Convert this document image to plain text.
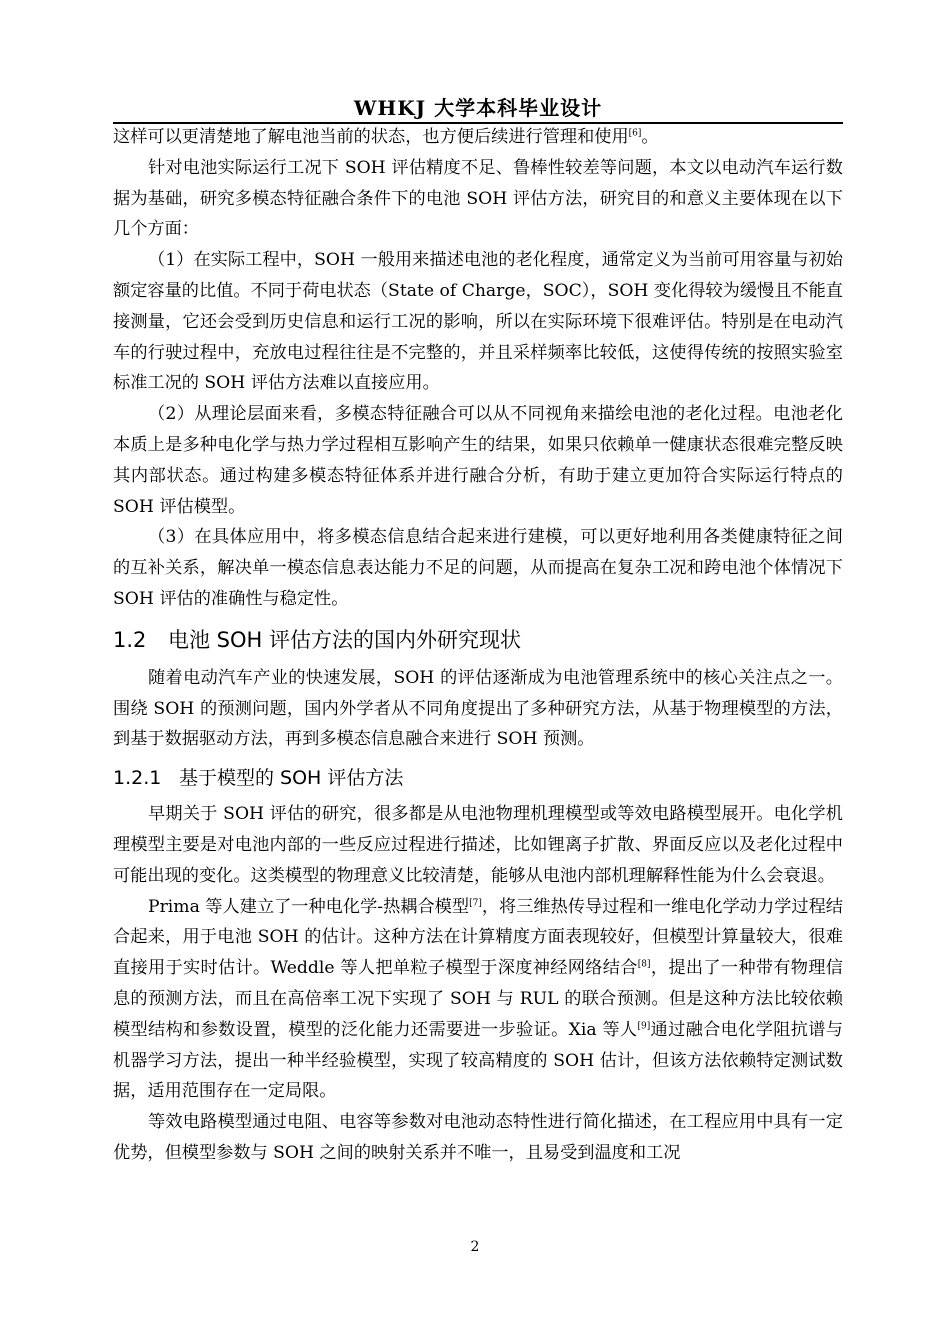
WHKJ 大学本科毕业设计

这样可以更清楚地了解电池当前的状态，也方便后续进行管理和使用[6]。

针对电池实际运行工况下 SOH 评估精度不足、鲁棒性较差等问题，本文以电动汽车运行数据为基础，研究多模态特征融合条件下的电池 SOH 评估方法，研究目的和意义主要体现在以下几个方面：

（1）在实际工程中，SOH 一般用来描述电池的老化程度，通常定义为当前可用容量与初始额定容量的比值。不同于荷电状态（State of Charge，SOC），SOH 变化得较为缓慢且不能直接测量，它还会受到历史信息和运行工况的影响，所以在实际环境下很难评估。特别是在电动汽车的行驶过程中，充放电过程往往是不完整的，并且采样频率比较低，这使得传统的按照实验室标准工况的 SOH 评估方法难以直接应用。

（2）从理论层面来看，多模态特征融合可以从不同视角来描绘电池的老化过程。电池老化本质上是多种电化学与热力学过程相互影响产生的结果，如果只依赖单一健康状态很难完整反映其内部状态。通过构建多模态特征体系并进行融合分析，有助于建立更加符合实际运行特点的 SOH 评估模型。

（3）在具体应用中，将多模态信息结合起来进行建模，可以更好地利用各类健康特征之间的互补关系，解决单一模态信息表达能力不足的问题，从而提高在复杂工况和跨电池个体情况下 SOH 评估的准确性与稳定性。

1.2 电池 SOH 评估方法的国内外研究现状

随着电动汽车产业的快速发展，SOH 的评估逐渐成为电池管理系统中的核心关注点之一。围绕 SOH 的预测问题，国内外学者从不同角度提出了多种研究方法，从基于物理模型的方法，到基于数据驱动方法，再到多模态信息融合来进行 SOH 预测。

1.2.1 基于模型的 SOH 评估方法

早期关于 SOH 评估的研究，很多都是从电池物理机理模型或等效电路模型展开。电化学机理模型主要是对电池内部的一些反应过程进行描述，比如锂离子扩散、界面反应以及老化过程中可能出现的变化。这类模型的物理意义比较清楚，能够从电池内部机理解释性能为什么会衰退。

Prima 等人建立了一种电化学-热耦合模型[7]，将三维热传导过程和一维电化学动力学过程结合起来，用于电池 SOH 的估计。这种方法在计算精度方面表现较好，但模型计算量较大，很难直接用于实时估计。Weddle 等人把单粒子模型于深度神经网络结合[8]，提出了一种带有物理信息的预测方法，而且在高倍率工况下实现了 SOH 与 RUL 的联合预测。但是这种方法比较依赖模型结构和参数设置，模型的泛化能力还需要进一步验证。Xia 等人[9]通过融合电化学阻抗谱与机器学习方法，提出一种半经验模型，实现了较高精度的 SOH 估计，但该方法依赖特定测试数据，适用范围存在一定局限。

等效电路模型通过电阻、电容等参数对电池动态特性进行简化描述，在工程应用中具有一定优势，但模型参数与 SOH 之间的映射关系并不唯一，且易受到温度和工况

2
